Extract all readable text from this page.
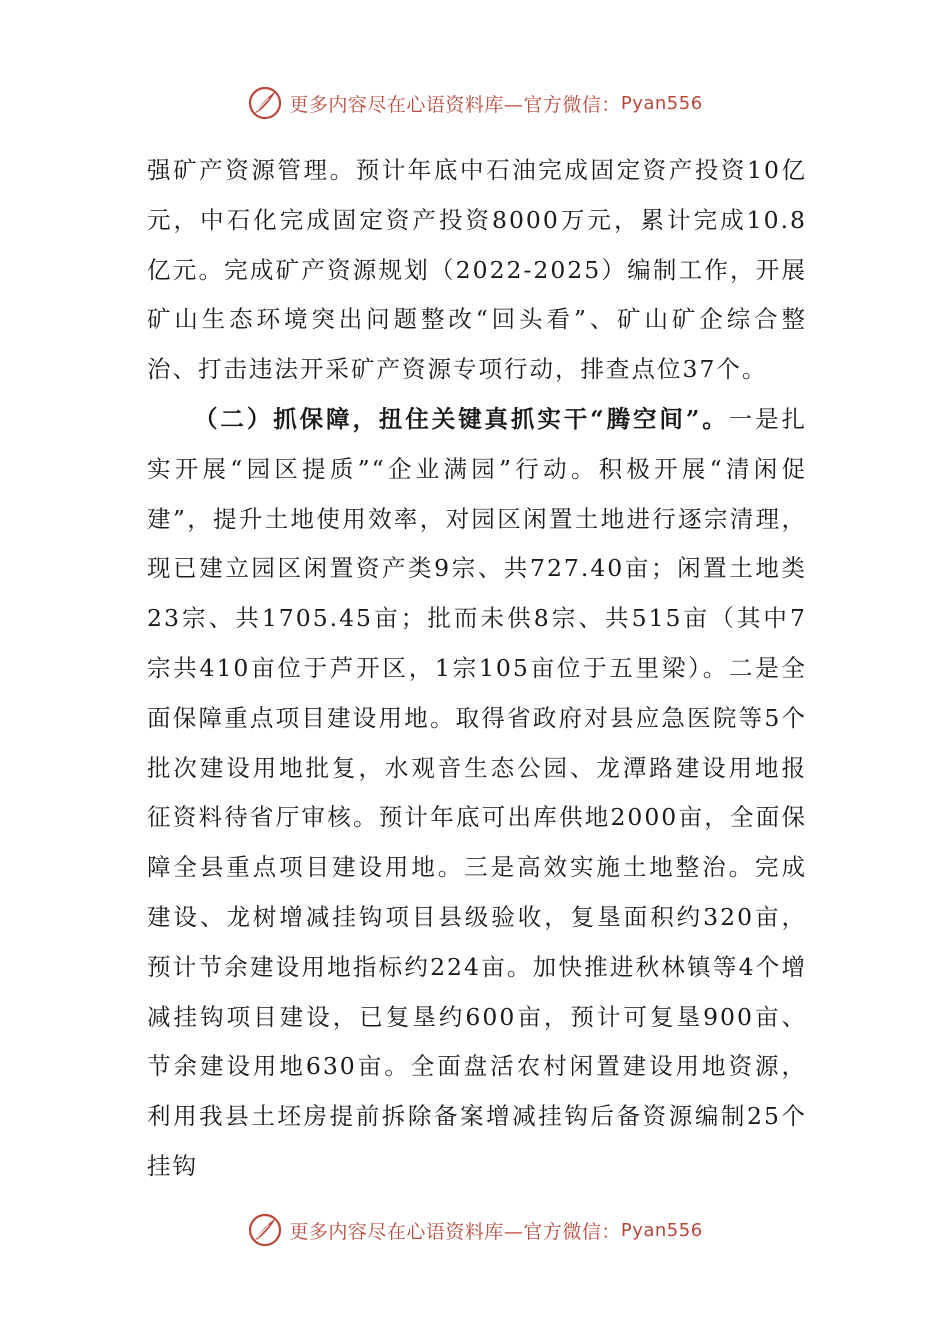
更多内容尽在心语资料库—官方微信： Pyan556

强矿产资源管理。预计年底中石油完成固定资产投资10亿元，中石化完成固定资产投资8000万元，累计完成10.8亿元。完成矿产资源规划（2022-2025）编制工作，开展矿山生态环境突出问题整改“回头看”、矿山矿企综合整治、打击违法开采矿产资源专项行动，排查点位37个。

（二）抓保障，扭住关键真抓实干“腾空间”。一是扎实开展“园区提质”“企业满园”行动。积极开展“清闲促建”，提升土地使用效率，对园区闲置土地进行逐宗清理，现已建立园区闲置资产类9宗、共727.40亩；闲置土地类23宗、共1705.45亩；批而未供8宗、共515亩（其中7宗共410亩位于芦开区，1宗105亩位于五里梁）。二是全面保障重点项目建设用地。取得省政府对县应急医院等5个批次建设用地批复，水观音生态公园、龙潭路建设用地报征资料待省厅审核。预计年底可出库供地2000亩，全面保障全县重点项目建设用地。三是高效实施土地整治。完成建设、龙树增减挂钩项目县级验收，复垦面积约320亩，预计节余建设用地指标约224亩。加快推进秋林镇等4个增减挂钩项目建设，已复垦约600亩，预计可复垦900亩、节余建设用地630亩。全面盘活农村闲置建设用地资源，利用我县土坯房提前拆除备案增减挂钩后备资源编制25个挂钩

更多内容尽在心语资料库—官方微信： Pyan556
